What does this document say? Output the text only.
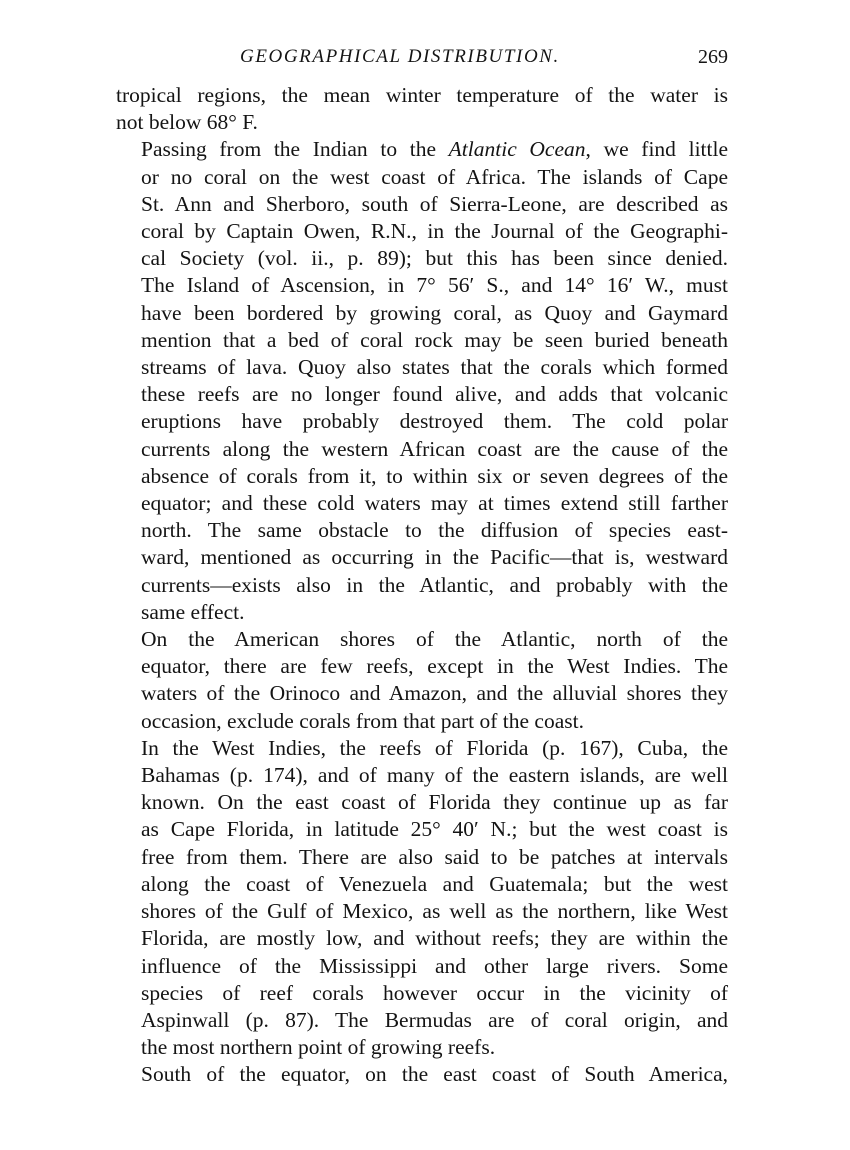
GEOGRAPHICAL DISTRIBUTION.	269

tropical regions, the mean winter temperature of the water is
not below 68° F.

Passing from the Indian to the Atlantic Ocean, we find little
or no coral on the west coast of Africa. The islands of Cape
St. Ann and Sherboro, south of Sierra-Leone, are described as
coral by Captain Owen, R.N., in the Journal of the Geographi-
cal Society (vol. ii., p. 89); but this has been since denied.
The Island of Ascension, in 7° 56′ S., and 14° 16′ W., must
have been bordered by growing coral, as Quoy and Gaymard
mention that a bed of coral rock may be seen buried beneath
streams of lava. Quoy also states that the corals which formed
these reefs are no longer found alive, and adds that volcanic
eruptions have probably destroyed them. The cold polar
currents along the western African coast are the cause of the
absence of corals from it, to within six or seven degrees of the
equator; and these cold waters may at times extend still farther
north. The same obstacle to the diffusion of species east-
ward, mentioned as occurring in the Pacific—that is, westward
currents—exists also in the Atlantic, and probably with the
same effect.

On the American shores of the Atlantic, north of the
equator, there are few reefs, except in the West Indies. The
waters of the Orinoco and Amazon, and the alluvial shores they
occasion, exclude corals from that part of the coast.

In the West Indies, the reefs of Florida (p. 167), Cuba, the
Bahamas (p. 174), and of many of the eastern islands, are well
known. On the east coast of Florida they continue up as far
as Cape Florida, in latitude 25° 40′ N.; but the west coast is
free from them. There are also said to be patches at intervals
along the coast of Venezuela and Guatemala; but the west
shores of the Gulf of Mexico, as well as the northern, like West
Florida, are mostly low, and without reefs; they are within the
influence of the Mississippi and other large rivers. Some
species of reef corals however occur in the vicinity of
Aspinwall (p. 87). The Bermudas are of coral origin, and
the most northern point of growing reefs.

South of the equator, on the east coast of South America,
